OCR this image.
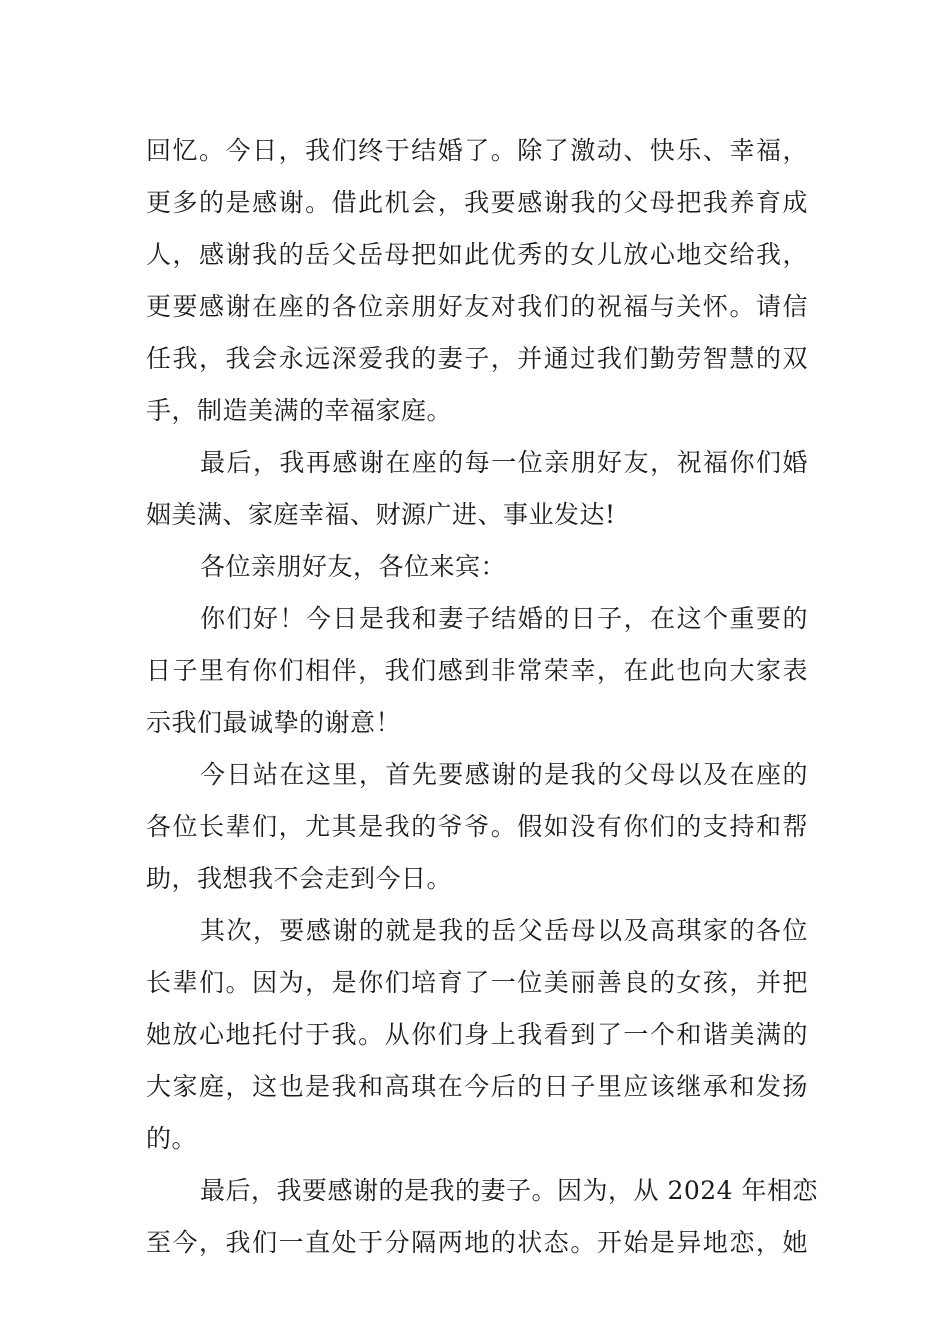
回忆。今日，我们终于结婚了。除了激动、快乐、幸福，
更多的是感谢。借此机会，我要感谢我的父母把我养育成
人，感谢我的岳父岳母把如此优秀的女儿放心地交给我，
更要感谢在座的各位亲朋好友对我们的祝福与关怀。请信
任我，我会永远深爱我的妻子，并通过我们勤劳智慧的双
手，制造美满的幸福家庭。
最后，我再感谢在座的每一位亲朋好友，祝福你们婚
姻美满、家庭幸福、财源广进、事业发达!
各位亲朋好友，各位来宾：
你们好！今日是我和妻子结婚的日子，在这个重要的
日子里有你们相伴，我们感到非常荣幸，在此也向大家表
示我们最诚挚的谢意！
今日站在这里，首先要感谢的是我的父母以及在座的
各位长辈们，尤其是我的爷爷。假如没有你们的支持和帮
助，我想我不会走到今日。
其次，要感谢的就是我的岳父岳母以及高琪家的各位
长辈们。因为，是你们培育了一位美丽善良的女孩，并把
她放心地托付于我。从你们身上我看到了一个和谐美满的
大家庭，这也是我和高琪在今后的日子里应该继承和发扬
的。
最后，我要感谢的是我的妻子。因为，从 2024 年相恋
至今，我们一直处于分隔两地的状态。开始是异地恋，她
